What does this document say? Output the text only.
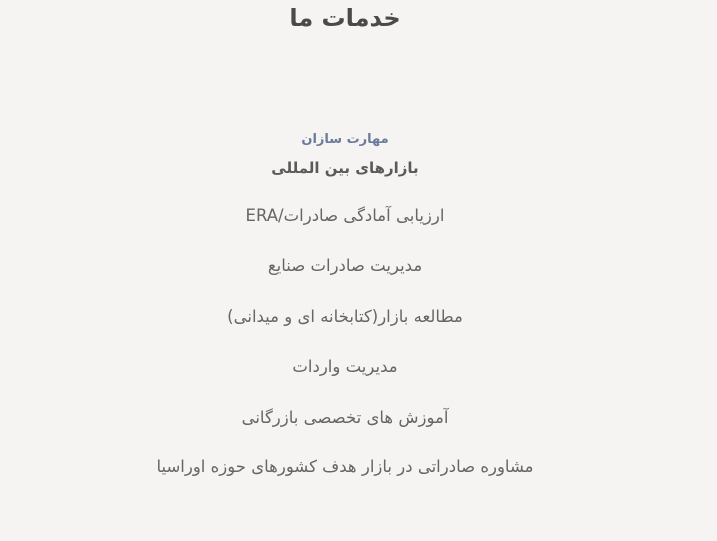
خدمات ما
مهارت سازان
بازارهای بین المللی
ارزیابی آمادگی صادرات/ERA
مدیریت صادرات صنایع
مطالعه بازار(کتابخانه ای و میدانی)
مدیریت واردات
آموزش های تخصصی بازرگانی
مشاوره صادراتی در بازار هدف کشورهای حوزه اوراسیا
